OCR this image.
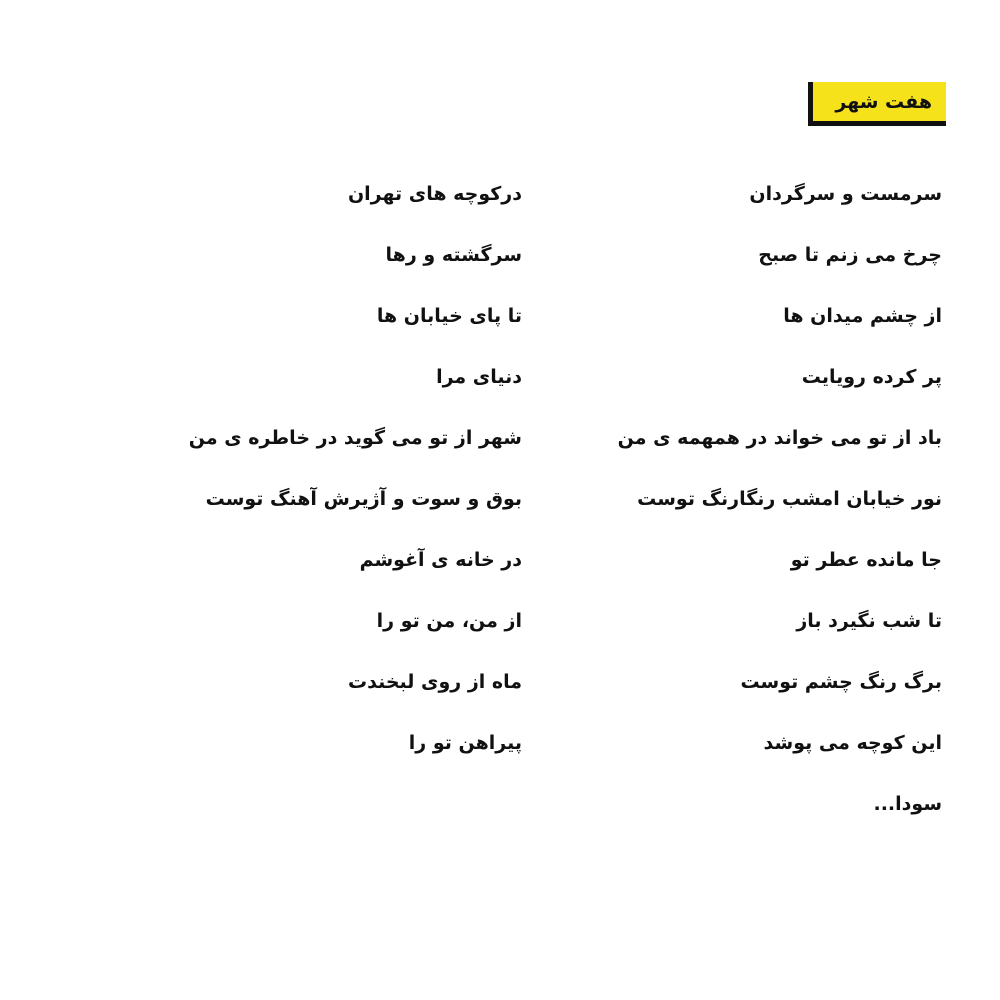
هفت شهر
سرمست و سرگردان
چرخ می زنم تا صبح
از چشم میدان ها
پر کرده رویایت
باد از تو می خواند در همهمه ی من
نور خیابان امشب رنگارنگ توست
جا مانده عطر تو
تا شب نگیرد باز
برگ رنگ چشم توست
این کوچه می پوشد
سودا...
درکوچه های تهران
سرگشته و رها
تا پای خیابان ها
دنیای مرا
شهر از تو می گوید در خاطره ی من
بوق و سوت و آژیرش آهنگ توست
در خانه ی آغوشم
از من، من تو را
ماه از روی لبخندت
پیراهن تو را
